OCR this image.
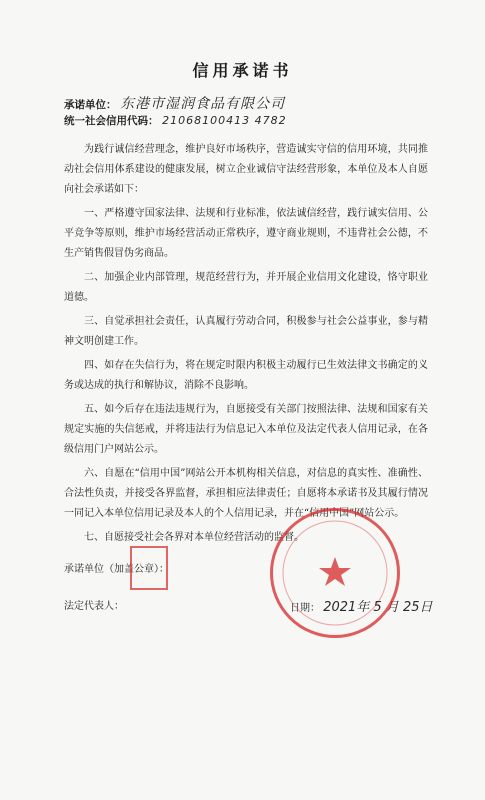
信用承诺书
承诺单位： 东港市湿润食品有限公司
统一社会信用代码： 21068100413 4782

为践行诚信经营理念，维护良好市场秩序，营造诚实守信的信用环境，共同推动社会信用体系建设的健康发展，树立企业诚信守法经营形象，本单位及本人自愿向社会承诺如下：

一、严格遵守国家法律、法规和行业标准，依法诚信经营，践行诚实信用、公平竞争等原则，维护市场经营活动正常秩序，遵守商业规则，不违背社会公德，不生产销售假冒伪劣商品。

二、加强企业内部管理，规范经营行为，并开展企业信用文化建设，恪守职业道德。

三、自觉承担社会责任，认真履行劳动合同，积极参与社会公益事业，参与精神文明创建工作。

四、如存在失信行为，将在规定时限内积极主动履行已生效法律文书确定的义务或达成的执行和解协议，消除不良影响。

五、如今后存在违法违规行为，自愿接受有关部门按照法律、法规和国家有关规定实施的失信惩戒，并将违法行为信息记入本单位及法定代表人信用记录，在各级信用门户网站公示。

六、自愿在“信用中国”网站公开本机构相关信息，对信息的真实性、准确性、合法性负责，并接受各界监督，承担相应法律责任；自愿将本承诺书及其履行情况一同记入本单位信用记录及本人的个人信用记录，并在“信用中国”网站公示。

七、自愿接受社会各界对本单位经营活动的监督。

承诺单位（加盖公章）：
法定代表人：	日期： 2021年 5 月 25日
